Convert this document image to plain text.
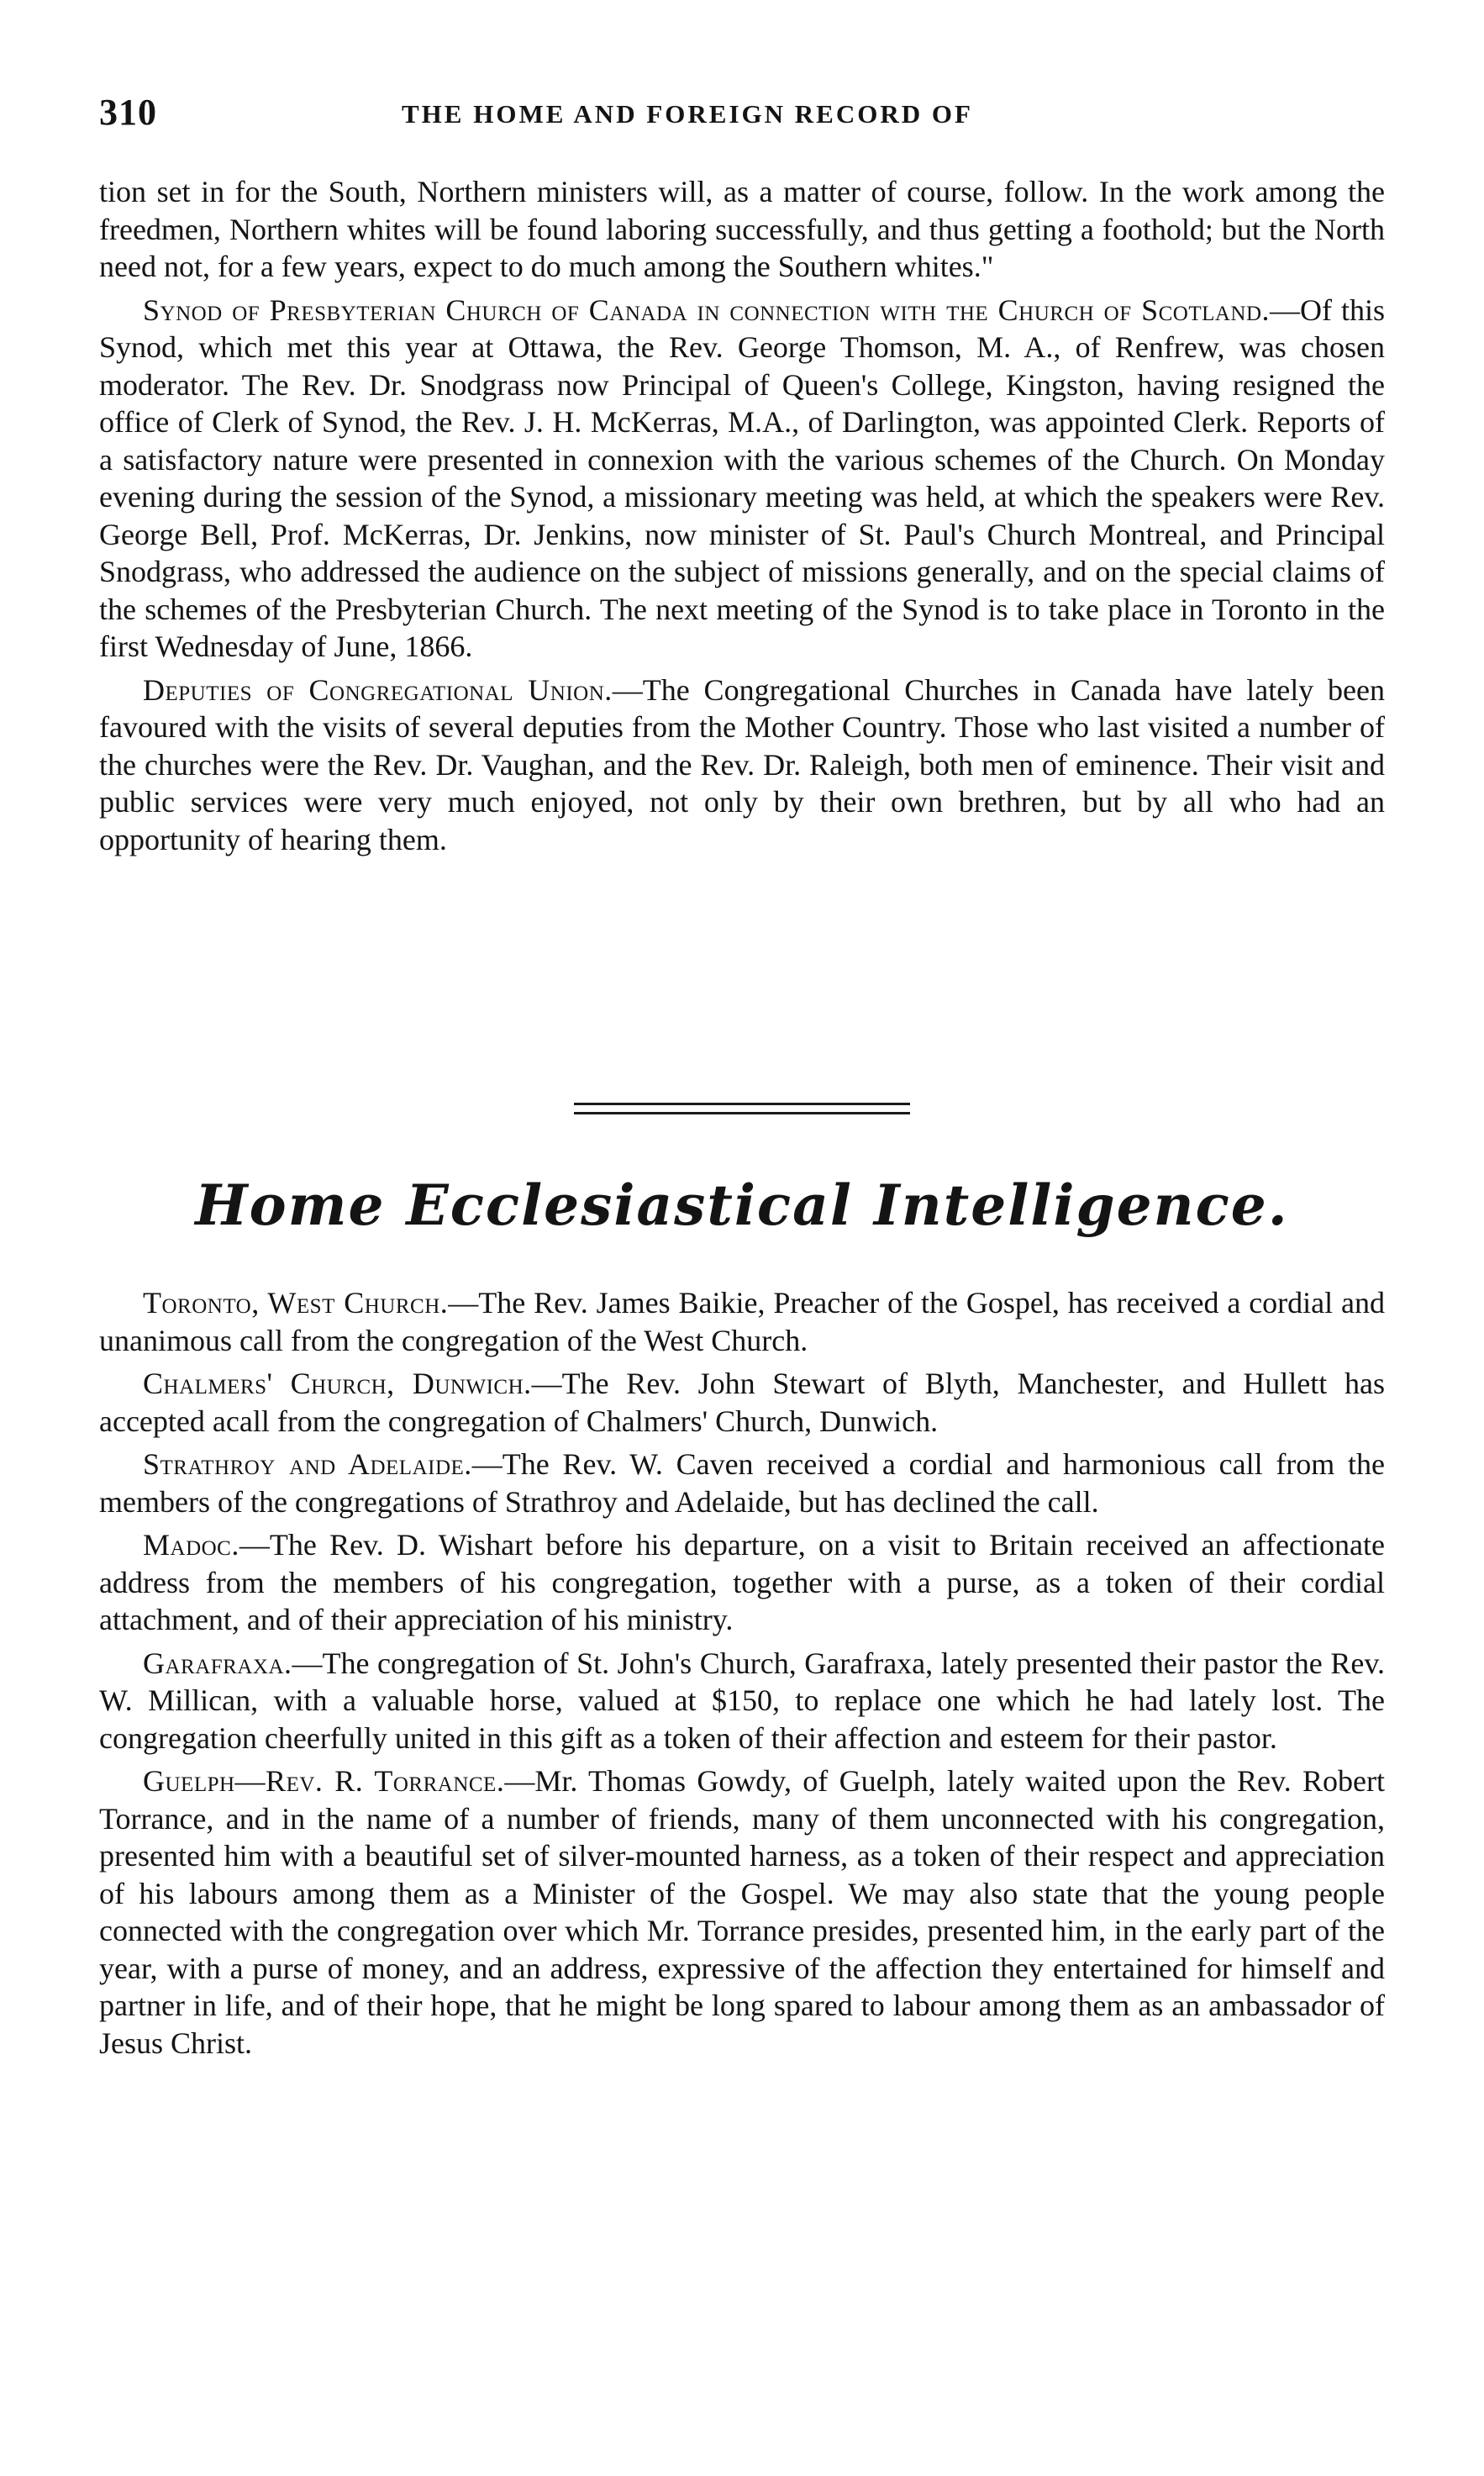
310	THE HOME AND FOREIGN RECORD OF

tion set in for the South, Northern ministers will, as a matter of course, follow. In the work among the freedmen, Northern whites will be found laboring successfully, and thus getting a foothold; but the North need not, for a few years, expect to do much among the Southern whites."

Synod of Presbyterian Church of Canada in connection with the Church of Scotland.—Of this Synod, which met this year at Ottawa, the Rev. George Thomson, M. A., of Renfrew, was chosen moderator. The Rev. Dr. Snodgrass now Principal of Queen's College, Kingston, having resigned the office of Clerk of Synod, the Rev. J. H. McKerras, M.A., of Darlington, was appointed Clerk. Reports of a satisfactory nature were presented in connexion with the various schemes of the Church. On Monday evening during the session of the Synod, a missionary meeting was held, at which the speakers were Rev. George Bell, Prof. McKerras, Dr. Jenkins, now minister of St. Paul's Church Montreal, and Principal Snodgrass, who addressed the audience on the subject of missions generally, and on the special claims of the schemes of the Presbyterian Church. The next meeting of the Synod is to take place in Toronto in the first Wednesday of June, 1866.

Deputies of Congregational Union.—The Congregational Churches in Canada have lately been favoured with the visits of several deputies from the Mother Country. Those who last visited a number of the churches were the Rev. Dr. Vaughan, and the Rev. Dr. Raleigh, both men of eminence. Their visit and public services were very much enjoyed, not only by their own brethren, but by all who had an opportunity of hearing them.

Home Ecclesiastical Intelligence.

Toronto, West Church.—The Rev. James Baikie, Preacher of the Gospel, has received a cordial and unanimous call from the congregation of the West Church.

Chalmers' Church, Dunwich.—The Rev. John Stewart of Blyth, Manchester, and Hullett has accepted acall from the congregation of Chalmers' Church, Dunwich.

Strathroy and Adelaide.—The Rev. W. Caven received a cordial and harmonious call from the members of the congregations of Strathroy and Adelaide, but has declined the call.

Madoc.—The Rev. D. Wishart before his departure, on a visit to Britain received an affectionate address from the members of his congregation, together with a purse, as a token of their cordial attachment, and of their appreciation of his ministry.

Garafraxa.—The congregation of St. John's Church, Garafraxa, lately presented their pastor the Rev. W. Millican, with a valuable horse, valued at $150, to replace one which he had lately lost. The congregation cheerfully united in this gift as a token of their affection and esteem for their pastor.

Guelph—Rev. R. Torrance.—Mr. Thomas Gowdy, of Guelph, lately waited upon the Rev. Robert Torrance, and in the name of a number of friends, many of them unconnected with his congregation, presented him with a beautiful set of silver-mounted harness, as a token of their respect and appreciation of his labours among them as a Minister of the Gospel. We may also state that the young people connected with the congregation over which Mr. Torrance presides, presented him, in the early part of the year, with a purse of money, and an address, expressive of the affection they entertained for himself and partner in life, and of their hope, that he might be long spared to labour among them as an ambassador of Jesus Christ.
